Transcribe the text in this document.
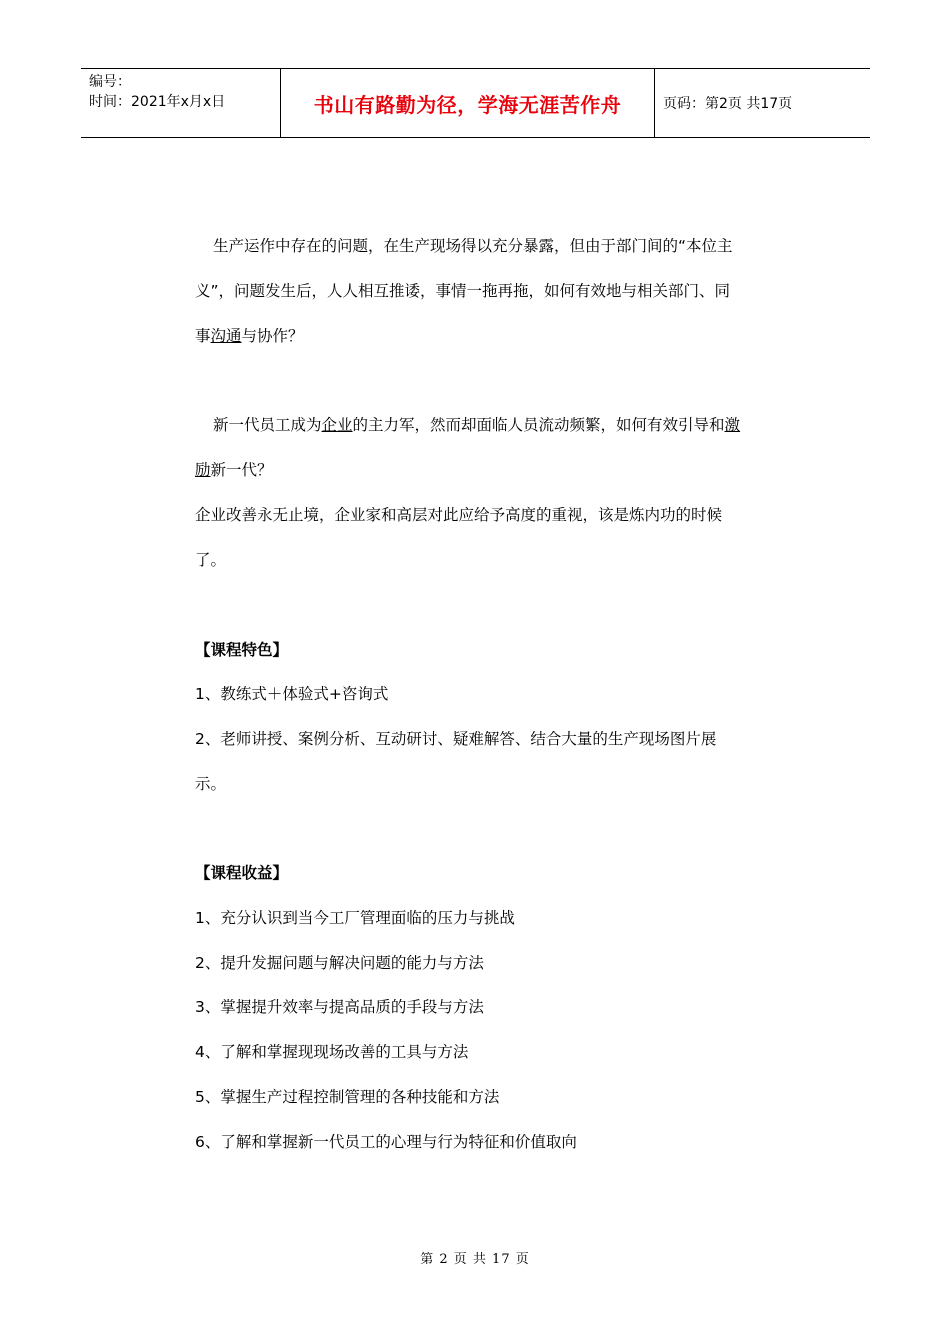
编号：
时间：2021年x月x日	书山有路勤为径，学海无涯苦作舟	页码：第2页 共17页
生产运作中存在的问题，在生产现场得以充分暴露，但由于部门间的“本位主
义”，问题发生后，人人相互推诿，事情一拖再拖，如何有效地与相关部门、同
事沟通与协作？
新一代员工成为企业的主力军，然而却面临人员流动频繁，如何有效引导和激
励新一代？
企业改善永无止境，企业家和高层对此应给予高度的重视，该是炼内功的时候
了。
【课程特色】
1、教练式＋体验式+咨询式
2、老师讲授、案例分析、互动研讨、疑难解答、结合大量的生产现场图片展
示。
【课程收益】
1、充分认识到当今工厂管理面临的压力与挑战
2、提升发掘问题与解决问题的能力与方法
3、掌握提升效率与提高品质的手段与方法
4、了解和掌握现现场改善的工具与方法
5、掌握生产过程控制管理的各种技能和方法
6、了解和掌握新一代员工的心理与行为特征和价值取向
第 2 页 共 17 页
